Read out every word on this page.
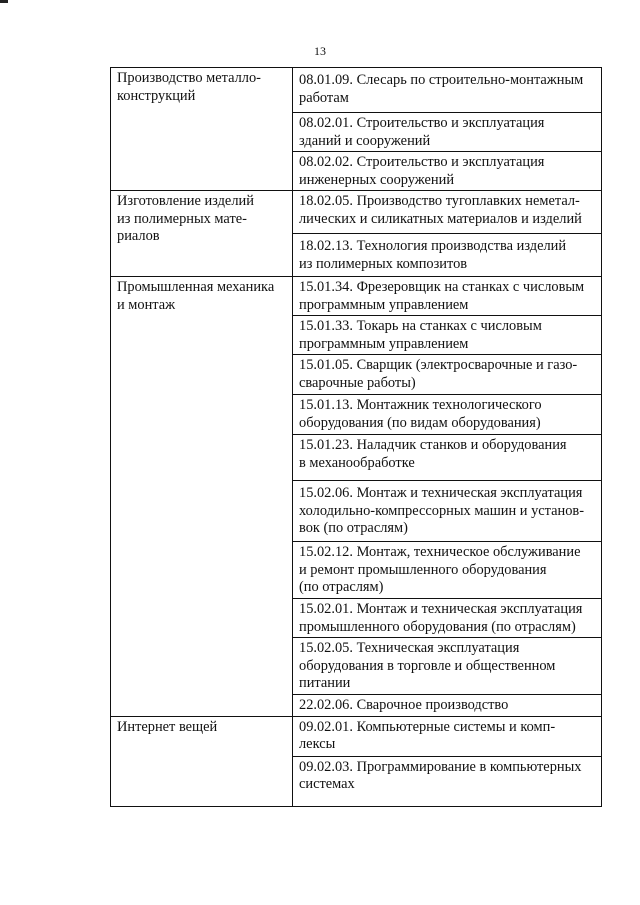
13
Производство металло-
конструкций	08.01.09. Слесарь по строительно-монтажным
работам
	08.02.01. Строительство и эксплуатация
зданий и сооружений
	08.02.02. Строительство и эксплуатация
инженерных сооружений
Изготовление изделий
из полимерных мате-
риалов	18.02.05. Производство тугоплавких неметал-
лических и силикатных материалов и изделий
	18.02.13. Технология производства изделий
из полимерных композитов
Промышленная механика
и монтаж	15.01.34. Фрезеровщик на станках с числовым
программным управлением
	15.01.33. Токарь на станках с числовым
программным управлением
	15.01.05. Сварщик (электросварочные и газо-
сварочные работы)
	15.01.13. Монтажник технологического
оборудования (по видам оборудования)
	15.01.23. Наладчик станков и оборудования
в механообработке
	15.02.06. Монтаж и техническая эксплуатация
холодильно-компрессорных машин и установ-
вок (по отраслям)
	15.02.12. Монтаж, техническое обслуживание
и ремонт промышленного оборудования
(по отраслям)
	15.02.01. Монтаж и техническая эксплуатация
промышленного оборудования (по отраслям)
	15.02.05. Техническая эксплуатация
оборудования в торговле и общественном
питании
	22.02.06. Сварочное производство
Интернет вещей	09.02.01. Компьютерные системы и комп-
лексы
	09.02.03. Программирование в компьютерных
системах
